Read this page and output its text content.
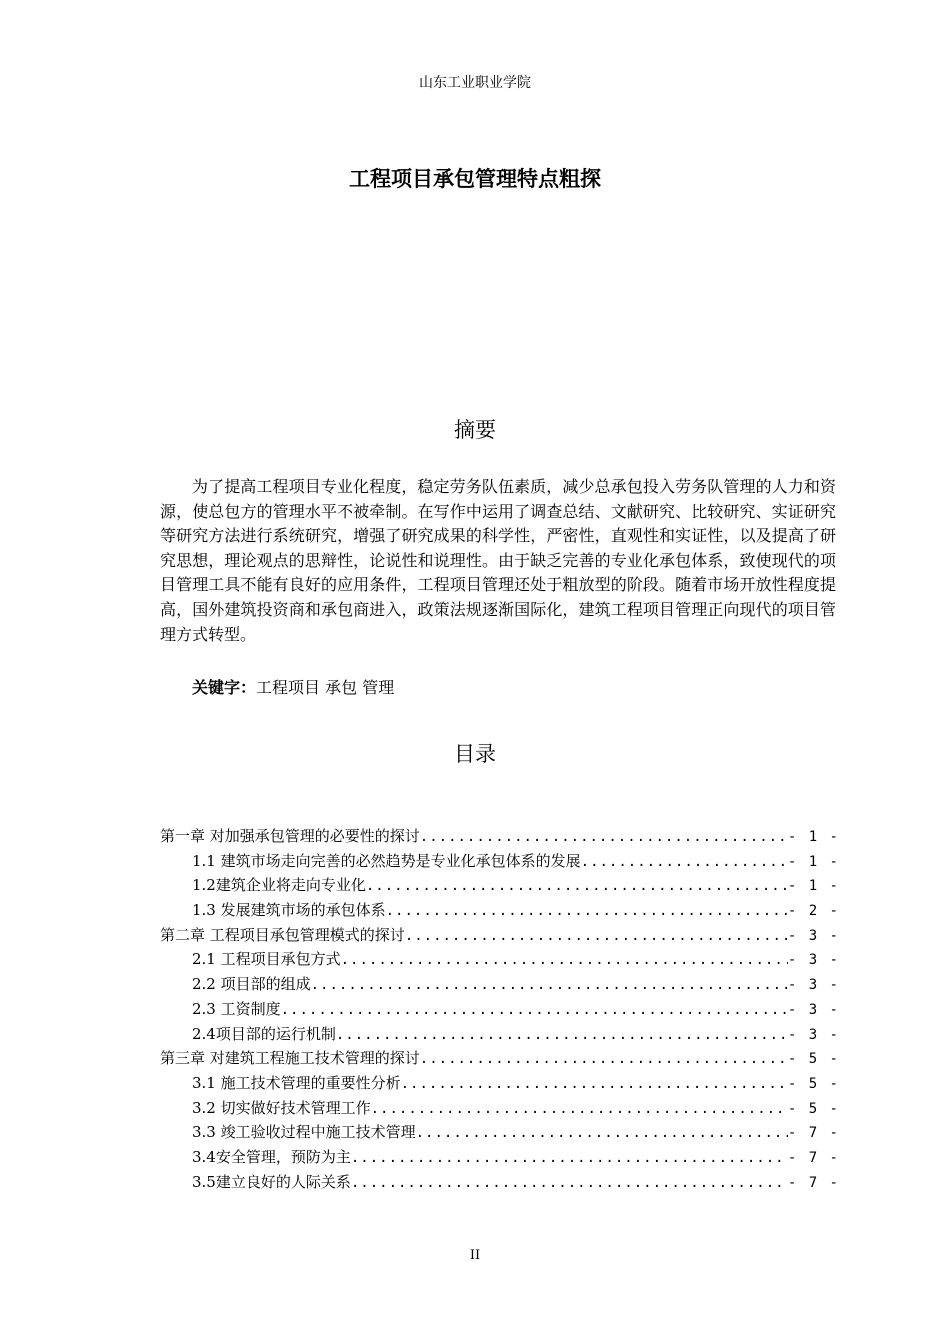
山东工业职业学院
工程项目承包管理特点粗探
摘要

为了提高工程项目专业化程度，稳定劳务队伍素质，减少总承包投入劳务队管理的人力和资源，使总包方的管理水平不被牵制。在写作中运用了调查总结、文献研究、比较研究、实证研究等研究方法进行系统研究，增强了研究成果的科学性，严密性，直观性和实证性，以及提高了研究思想，理论观点的思辩性，论说性和说理性。由于缺乏完善的专业化承包体系，致使现代的项目管理工具不能有良好的应用条件，工程项目管理还处于粗放型的阶段。随着市场开放性程度提高，国外建筑投资商和承包商进入，政策法规逐渐国际化，建筑工程项目管理正向现代的项目管理方式转型。

关键字：工程项目 承包 管理
目录
第一章 对加强承包管理的必要性的探讨 .....	- 1 -
1.1 建筑市场走向完善的必然趋势是专业化承包体系的发展 .....	- 1 -
1.2建筑企业将走向专业化 .....	- 1 -
1.3 发展建筑市场的承包体系 .....	- 2 -
第二章 工程项目承包管理模式的探讨 .....	- 3 -
2.1 工程项目承包方式 .....	- 3 -
2.2 项目部的组成 .....	- 3 -
2.3 工资制度 .....	- 3 -
2.4项目部的运行机制 .....	- 3 -
第三章 对建筑工程施工技术管理的探讨 .....	- 5 -
3.1 施工技术管理的重要性分析 .....	- 5 -
3.2 切实做好技术管理工作 .....	- 5 -
3.3 竣工验收过程中施工技术管理 .....	- 7 -
3.4安全管理，预防为主 .....	- 7 -
3.5建立良好的人际关系 .....	- 7 -
II
